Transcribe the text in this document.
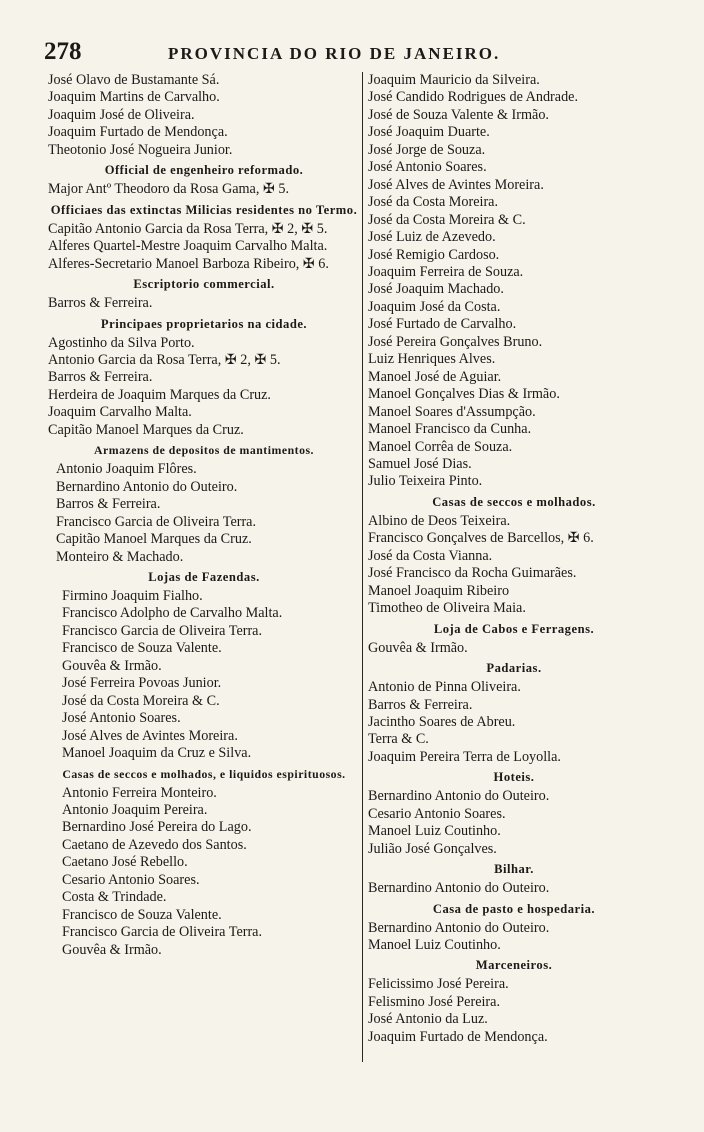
278	PROVINCIA DO RIO DE JANEIRO.
José Olavo de Bustamante Sá.
Joaquim Martins de Carvalho.
Joaquim José de Oliveira.
Joaquim Furtado de Mendonça.
Theotonio José Nogueira Junior.
Official de engenheiro reformado.
Major Antº Theodoro da Rosa Gama, ✠ 5.
Officiaes das extinctas Milicias residentes no Termo.
Capitão Antonio Garcia da Rosa Terra, ✠ 2, ✠ 5.
Alferes Quartel-Mestre Joaquim Carvalho Malta.
Alferes-Secretario Manoel Barboza Ribeiro, ✠ 6.
Escriptorio commercial.
Barros & Ferreira.
Principaes proprietarios na cidade.
Agostinho da Silva Porto.
Antonio Garcia da Rosa Terra, ✠ 2, ✠ 5.
Barros & Ferreira.
Herdeira de Joaquim Marques da Cruz.
Joaquim Carvalho Malta.
Capitão Manoel Marques da Cruz.
Armazens de depositos de mantimentos.
Antonio Joaquim Flôres.
Bernardino Antonio do Outeiro.
Barros & Ferreira.
Francisco Garcia de Oliveira Terra.
Capitão Manoel Marques da Cruz.
Monteiro & Machado.
Lojas de Fazendas.
Firmino Joaquim Fialho.
Francisco Adolpho de Carvalho Malta.
Francisco Garcia de Oliveira Terra.
Francisco de Souza Valente.
Gouvêa & Irmão.
José Ferreira Povoas Junior.
José da Costa Moreira & C.
José Antonio Soares.
José Alves de Avintes Moreira.
Manoel Joaquim da Cruz e Silva.
Casas de seccos e molhados, e liquidos espirituosos.
Antonio Ferreira Monteiro.
Antonio Joaquim Pereira.
Bernardino José Pereira do Lago.
Caetano de Azevedo dos Santos.
Caetano José Rebello.
Cesario Antonio Soares.
Costa & Trindade.
Francisco de Souza Valente.
Francisco Garcia de Oliveira Terra.
Gouvêa & Irmão.
Joaquim Mauricio da Silveira.
José Candido Rodrigues de Andrade.
José de Souza Valente & Irmão.
José Joaquim Duarte.
José Jorge de Souza.
José Antonio Soares.
José Alves de Avintes Moreira.
José da Costa Moreira.
José da Costa Moreira & C.
José Luiz de Azevedo.
José Remigio Cardoso.
Joaquim Ferreira de Souza.
José Joaquim Machado.
Joaquim José da Costa.
José Furtado de Carvalho.
José Pereira Gonçalves Bruno.
Luiz Henriques Alves.
Manoel José de Aguiar.
Manoel Gonçalves Dias & Irmão.
Manoel Soares d'Assumpção.
Manoel Francisco da Cunha.
Manoel Corrêa de Souza.
Samuel José Dias.
Julio Teixeira Pinto.
Casas de seccos e molhados.
Albino de Deos Teixeira.
Francisco Gonçalves de Barcellos, ✠ 6.
José da Costa Vianna.
José Francisco da Rocha Guimarães.
Manoel Joaquim Ribeiro
Timotheo de Oliveira Maia.
Loja de Cabos e Ferragens.
Gouvêa & Irmão.
Padarias.
Antonio de Pinna Oliveira.
Barros & Ferreira.
Jacintho Soares de Abreu.
Terra & C.
Joaquim Pereira Terra de Loyolla.
Hoteis.
Bernardino Antonio do Outeiro.
Cesario Antonio Soares.
Manoel Luiz Coutinho.
Julião José Gonçalves.
Bilhar.
Bernardino Antonio do Outeiro.
Casa de pasto e hospedaria.
Bernardino Antonio do Outeiro.
Manoel Luiz Coutinho.
Marceneiros.
Felicissimo José Pereira.
Felismino José Pereira.
José Antonio da Luz.
Joaquim Furtado de Mendonça.
